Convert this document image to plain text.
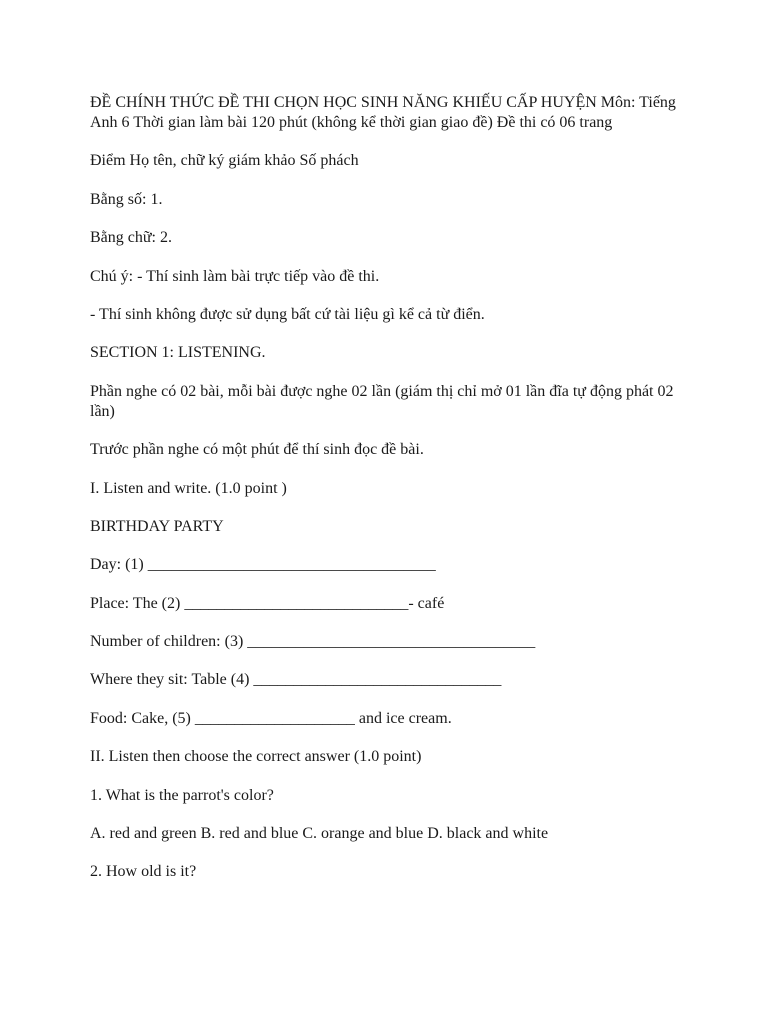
ĐỀ CHÍNH THỨC ĐỀ THI CHỌN HỌC SINH NĂNG KHIẾU CẤP HUYỆN Môn: Tiếng Anh 6 Thời gian làm bài 120 phút (không kể thời gian giao đề) Đề thi có 06 trang

Điểm Họ tên, chữ ký giám khảo Số phách

Bằng số: 1.

Bằng chữ: 2.

Chú ý: - Thí sinh làm bài trực tiếp vào đề thi.

- Thí sinh không được sử dụng bất cứ tài liệu gì kể cả từ điển.

SECTION 1: LISTENING.

Phần nghe có 02 bài, mỗi bài được nghe 02 lần (giám thị chỉ mở 01 lần đĩa tự động phát 02 lần)

Trước phần nghe có một phút để thí sinh đọc đề bài.

I. Listen and write. (1.0 point )

BIRTHDAY PARTY

Day: (1) ____________________________________

Place: The (2) ____________________________- café

Number of children: (3) ____________________________________

Where they sit: Table (4) _______________________________

Food: Cake, (5) ____________________ and ice cream.

II. Listen then choose the correct answer (1.0 point)

1. What is the parrot's color?

A. red and green B. red and blue C. orange and blue D. black and white

2. How old is it?
